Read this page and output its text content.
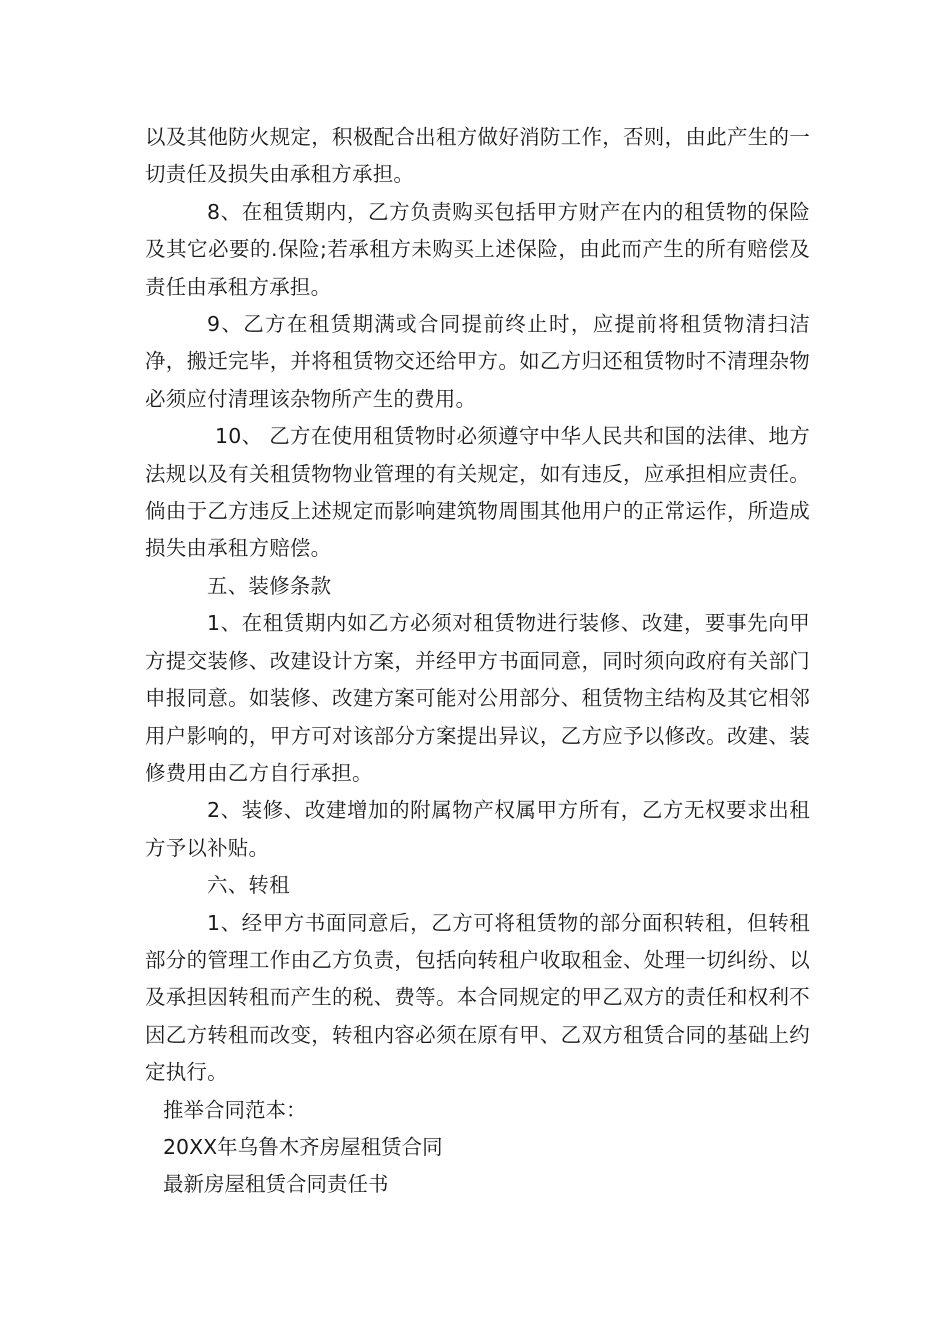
以及其他防火规定，积极配合出租方做好消防工作，否则，由此产生的一切责任及损失由承租方承担。

8、在租赁期内，乙方负责购买包括甲方财产在内的租赁物的保险及其它必要的.保险;若承租方未购买上述保险，由此而产生的所有赔偿及责任由承租方承担。

9、乙方在租赁期满或合同提前终止时，应提前将租赁物清扫洁净，搬迁完毕，并将租赁物交还给甲方。如乙方归还租赁物时不清理杂物必须应付清理该杂物所产生的费用。

10、 乙方在使用租赁物时必须遵守中华人民共和国的法律、地方法规以及有关租赁物物业管理的有关规定，如有违反，应承担相应责任。倘由于乙方违反上述规定而影响建筑物周围其他用户的正常运作，所造成损失由承租方赔偿。

五、装修条款

1、在租赁期内如乙方必须对租赁物进行装修、改建，要事先向甲方提交装修、改建设计方案，并经甲方书面同意，同时须向政府有关部门申报同意。如装修、改建方案可能对公用部分、租赁物主结构及其它相邻用户影响的，甲方可对该部分方案提出异议，乙方应予以修改。改建、装修费用由乙方自行承担。

2、装修、改建增加的附属物产权属甲方所有，乙方无权要求出租方予以补贴。

六、转租

1、经甲方书面同意后，乙方可将租赁物的部分面积转租，但转租部分的管理工作由乙方负责，包括向转租户收取租金、处理一切纠纷、以及承担因转租而产生的税、费等。本合同规定的甲乙双方的责任和权利不因乙方转租而改变，转租内容必须在原有甲、乙双方租赁合同的基础上约定执行。

推举合同范本：

20XX年乌鲁木齐房屋租赁合同

最新房屋租赁合同责任书
